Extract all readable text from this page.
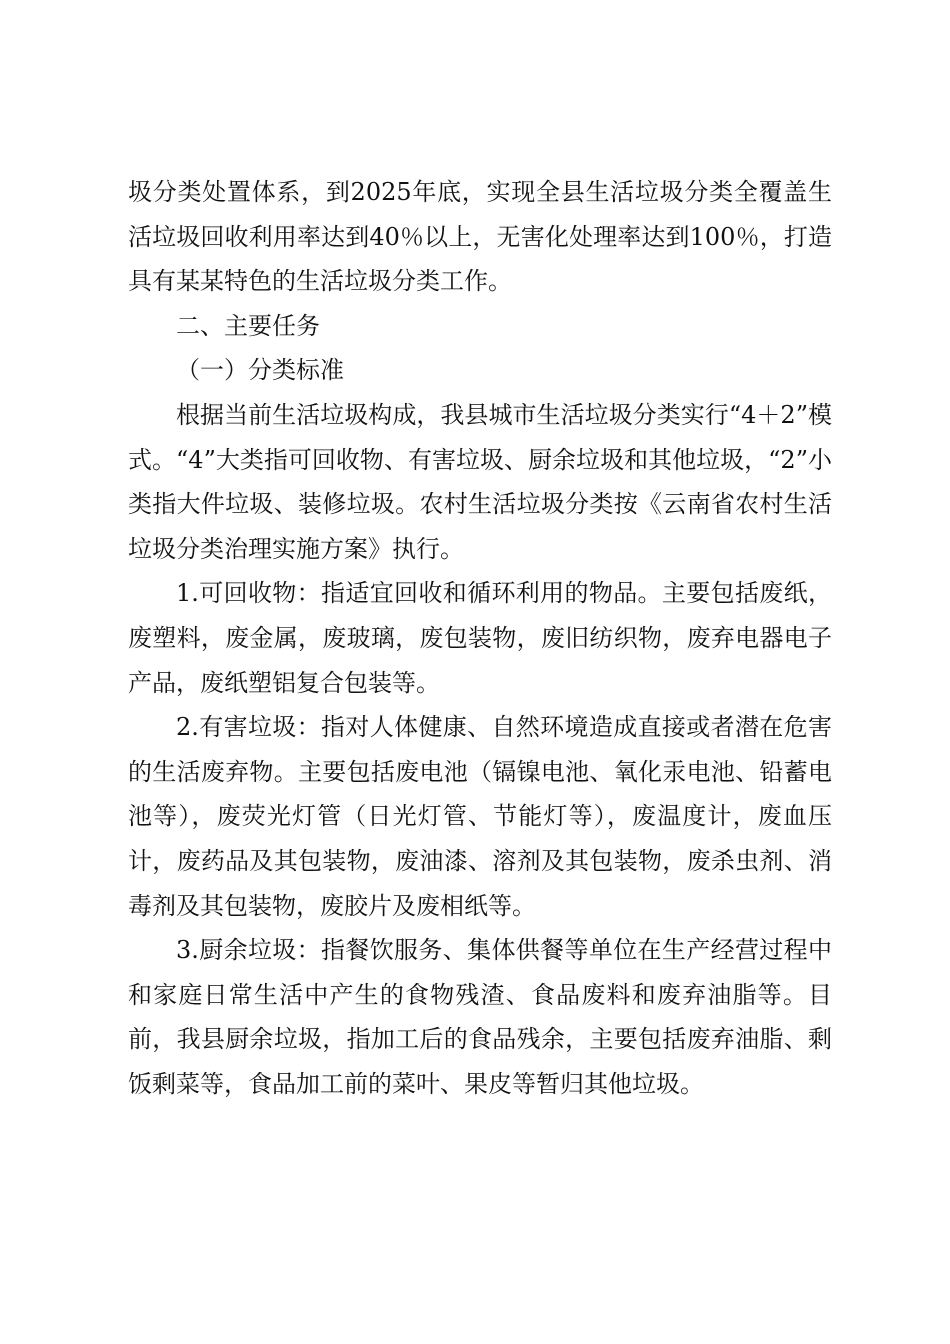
圾分类处置体系，到2025年底，实现全县生活垃圾分类全覆盖生活垃圾回收利用率达到40％以上，无害化处理率达到100％，打造具有某某特色的生活垃圾分类工作。

二、主要任务

（一）分类标准

根据当前生活垃圾构成，我县城市生活垃圾分类实行“4＋2”模式。“4”大类指可回收物、有害垃圾、厨余垃圾和其他垃圾，“2”小类指大件垃圾、装修垃圾。农村生活垃圾分类按《云南省农村生活垃圾分类治理实施方案》执行。

1.可回收物：指适宜回收和循环利用的物品。主要包括废纸，废塑料，废金属，废玻璃，废包装物，废旧纺织物，废弃电器电子产品，废纸塑铝复合包装等。

2.有害垃圾：指对人体健康、自然环境造成直接或者潜在危害的生活废弃物。主要包括废电池（镉镍电池、氧化汞电池、铅蓄电池等），废荧光灯管（日光灯管、节能灯等），废温度计，废血压计，废药品及其包装物，废油漆、溶剂及其包装物，废杀虫剂、消毒剂及其包装物，废胶片及废相纸等。

3.厨余垃圾：指餐饮服务、集体供餐等单位在生产经营过程中和家庭日常生活中产生的食物残渣、食品废料和废弃油脂等。目前，我县厨余垃圾，指加工后的食品残余，主要包括废弃油脂、剩饭剩菜等，食品加工前的菜叶、果皮等暂归其他垃圾。
